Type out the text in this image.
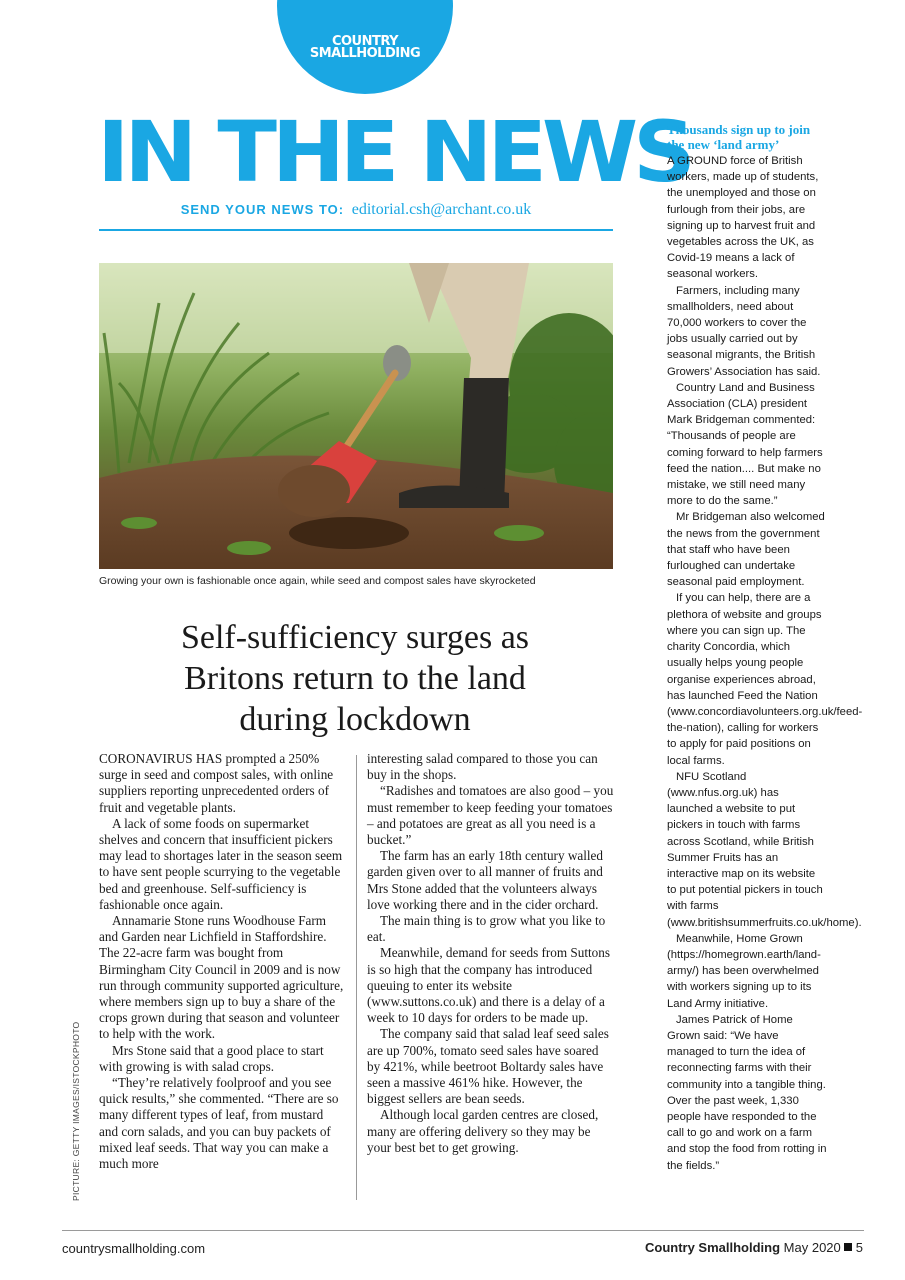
COUNTRY
SMALLHOLDING
IN THE NEWS
SEND YOUR NEWS TO: editorial.csh@archant.co.uk
Growing your own is fashionable once again, while seed and compost sales have skyrocketed
Self-sufficiency surges as Britons return to the land during lockdown

CORONAVIRUS HAS prompted a 250% surge in seed and compost sales, with online suppliers reporting unprecedented orders of fruit and vegetable plants.

A lack of some foods on supermarket shelves and concern that insufficient pickers may lead to shortages later in the season seem to have sent people scurrying to the vegetable bed and greenhouse. Self-sufficiency is fashionable once again.

Annamarie Stone runs Woodhouse Farm and Garden near Lichfield in Staffordshire. The 22-acre farm was bought from Birmingham City Council in 2009 and is now run through community supported agriculture, where members sign up to buy a share of the crops grown during that season and volunteer to help with the work.

Mrs Stone said that a good place to start with growing is with salad crops.

“They’re relatively foolproof and you see quick results,” she commented. “There are so many different types of leaf, from mustard and corn salads, and you can buy packets of mixed leaf seeds. That way you can make a much more

interesting salad compared to those you can buy in the shops.

“Radishes and tomatoes are also good – you must remember to keep feeding your tomatoes – and potatoes are great as all you need is a bucket.”

The farm has an early 18th century walled garden given over to all manner of fruits and Mrs Stone added that the volunteers always love working there and in the cider orchard.

The main thing is to grow what you like to eat.

Meanwhile, demand for seeds from Suttons is so high that the company has introduced queuing to enter its website (www.suttons.co.uk) and there is a delay of a week to 10 days for orders to be made up.

The company said that salad leaf seed sales are up 700%, tomato seed sales have soared by 421%, while beetroot Boltardy sales have seen a massive 461% hike. However, the biggest sellers are bean seeds.

Although local garden centres are closed, many are offering delivery so they may be your best bet to get growing.

PICTURE: GETTY IMAGES/ISTOCKPHOTO
Thousands sign up to join the new ‘land army’

A GROUND force of British workers, made up of students, the unemployed and those on furlough from their jobs, are signing up to harvest fruit and vegetables across the UK, as Covid-19 means a lack of seasonal workers.

Farmers, including many smallholders, need about 70,000 workers to cover the jobs usually carried out by seasonal migrants, the British Growers’ Association has said.

Country Land and Business Association (CLA) president Mark Bridgeman commented: “Thousands of people are coming forward to help farmers feed the nation.... But make no mistake, we still need many more to do the same.”

Mr Bridgeman also welcomed the news from the government that staff who have been furloughed can undertake seasonal paid employment.

If you can help, there are a plethora of website and groups where you can sign up. The charity Concordia, which usually helps young people organise experiences abroad, has launched Feed the Nation (www.concordiavolunteers.org.uk/feed-the-nation), calling for workers to apply for paid positions on local farms.

NFU Scotland (www.nfus.org.uk) has launched a website to put pickers in touch with farms across Scotland, while British Summer Fruits has an interactive map on its website to put potential pickers in touch with farms (www.britishsummerfruits.co.uk/home).

Meanwhile, Home Grown (https://homegrown.earth/land-army/) has been overwhelmed with workers signing up to its Land Army initiative.

James Patrick of Home Grown said: “We have managed to turn the idea of reconnecting farms with their community into a tangible thing. Over the past week, 1,330 people have responded to the call to go and work on a farm and stop the food from rotting in the fields.”

countrysmallholding.com	Country Smallholding May 2020 5
